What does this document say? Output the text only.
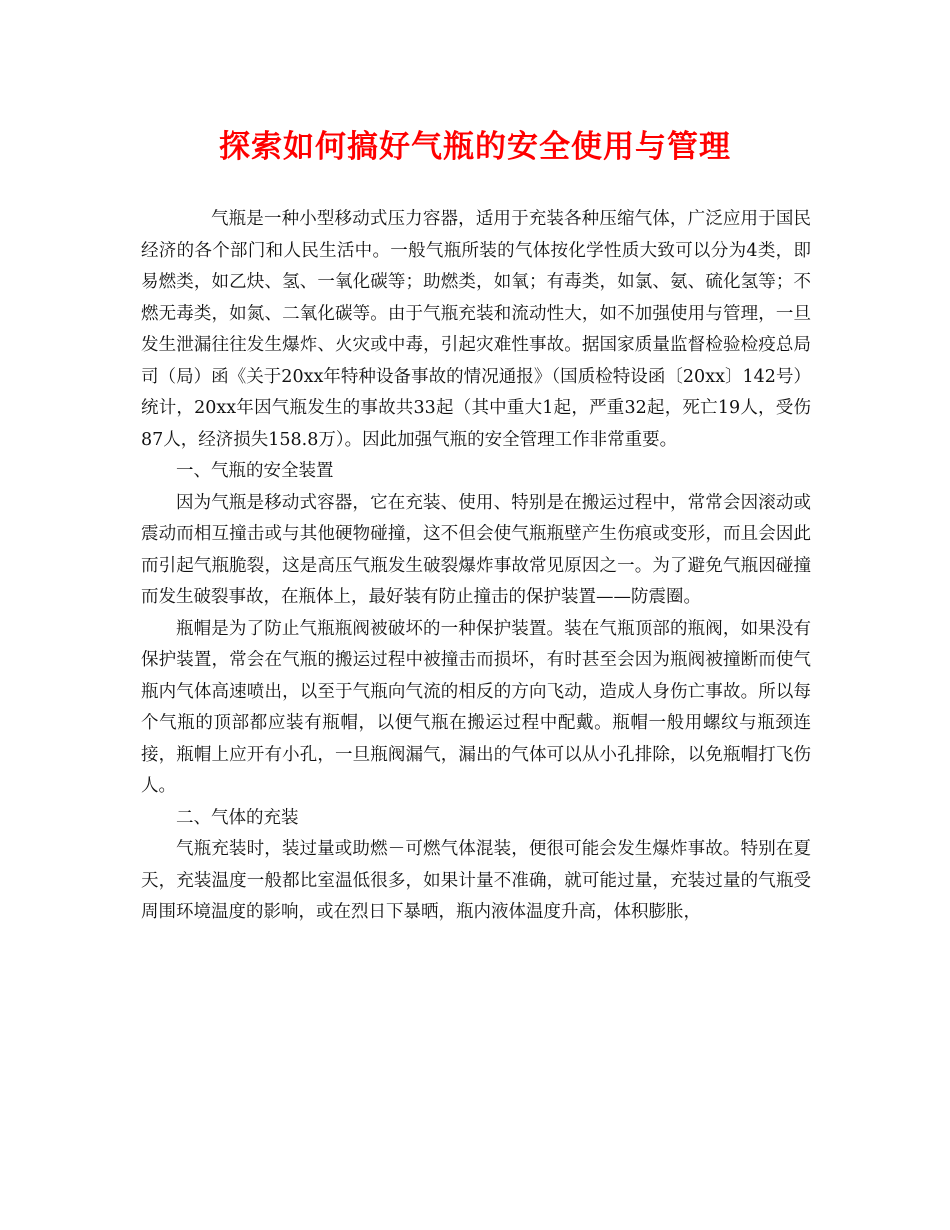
探索如何搞好气瓶的安全使用与管理

气瓶是一种小型移动式压力容器，适用于充装各种压缩气体，广泛应用于国民经济的各个部门和人民生活中。一般气瓶所装的气体按化学性质大致可以分为4类，即易燃类，如乙炔、氢、一氧化碳等；助燃类，如氧；有毒类，如氯、氨、硫化氢等；不燃无毒类，如氮、二氧化碳等。由于气瓶充装和流动性大，如不加强使用与管理，一旦发生泄漏往往发生爆炸、火灾或中毒，引起灾难性事故。据国家质量监督检验检疫总局司（局）函《关于20xx年特种设备事故的情况通报》（国质检特设函〔20xx〕142号）统计，20xx年因气瓶发生的事故共33起（其中重大1起，严重32起，死亡19人，受伤87人，经济损失158.8万）。因此加强气瓶的安全管理工作非常重要。

一、气瓶的安全装置

因为气瓶是移动式容器，它在充装、使用、特别是在搬运过程中，常常会因滚动或震动而相互撞击或与其他硬物碰撞，这不但会使气瓶瓶壁产生伤痕或变形，而且会因此而引起气瓶脆裂，这是高压气瓶发生破裂爆炸事故常见原因之一。为了避免气瓶因碰撞而发生破裂事故，在瓶体上，最好装有防止撞击的保护装置——防震圈。

瓶帽是为了防止气瓶瓶阀被破坏的一种保护装置。装在气瓶顶部的瓶阀，如果没有保护装置，常会在气瓶的搬运过程中被撞击而损坏，有时甚至会因为瓶阀被撞断而使气瓶内气体高速喷出，以至于气瓶向气流的相反的方向飞动，造成人身伤亡事故。所以每个气瓶的顶部都应装有瓶帽，以便气瓶在搬运过程中配戴。瓶帽一般用螺纹与瓶颈连接，瓶帽上应开有小孔，一旦瓶阀漏气，漏出的气体可以从小孔排除，以免瓶帽打飞伤人。

二、气体的充装

气瓶充装时，装过量或助燃－可燃气体混装，便很可能会发生爆炸事故。特别在夏天，充装温度一般都比室温低很多，如果计量不准确，就可能过量，充装过量的气瓶受周围环境温度的影响，或在烈日下暴晒，瓶内液体温度升高，体积膨胀，
